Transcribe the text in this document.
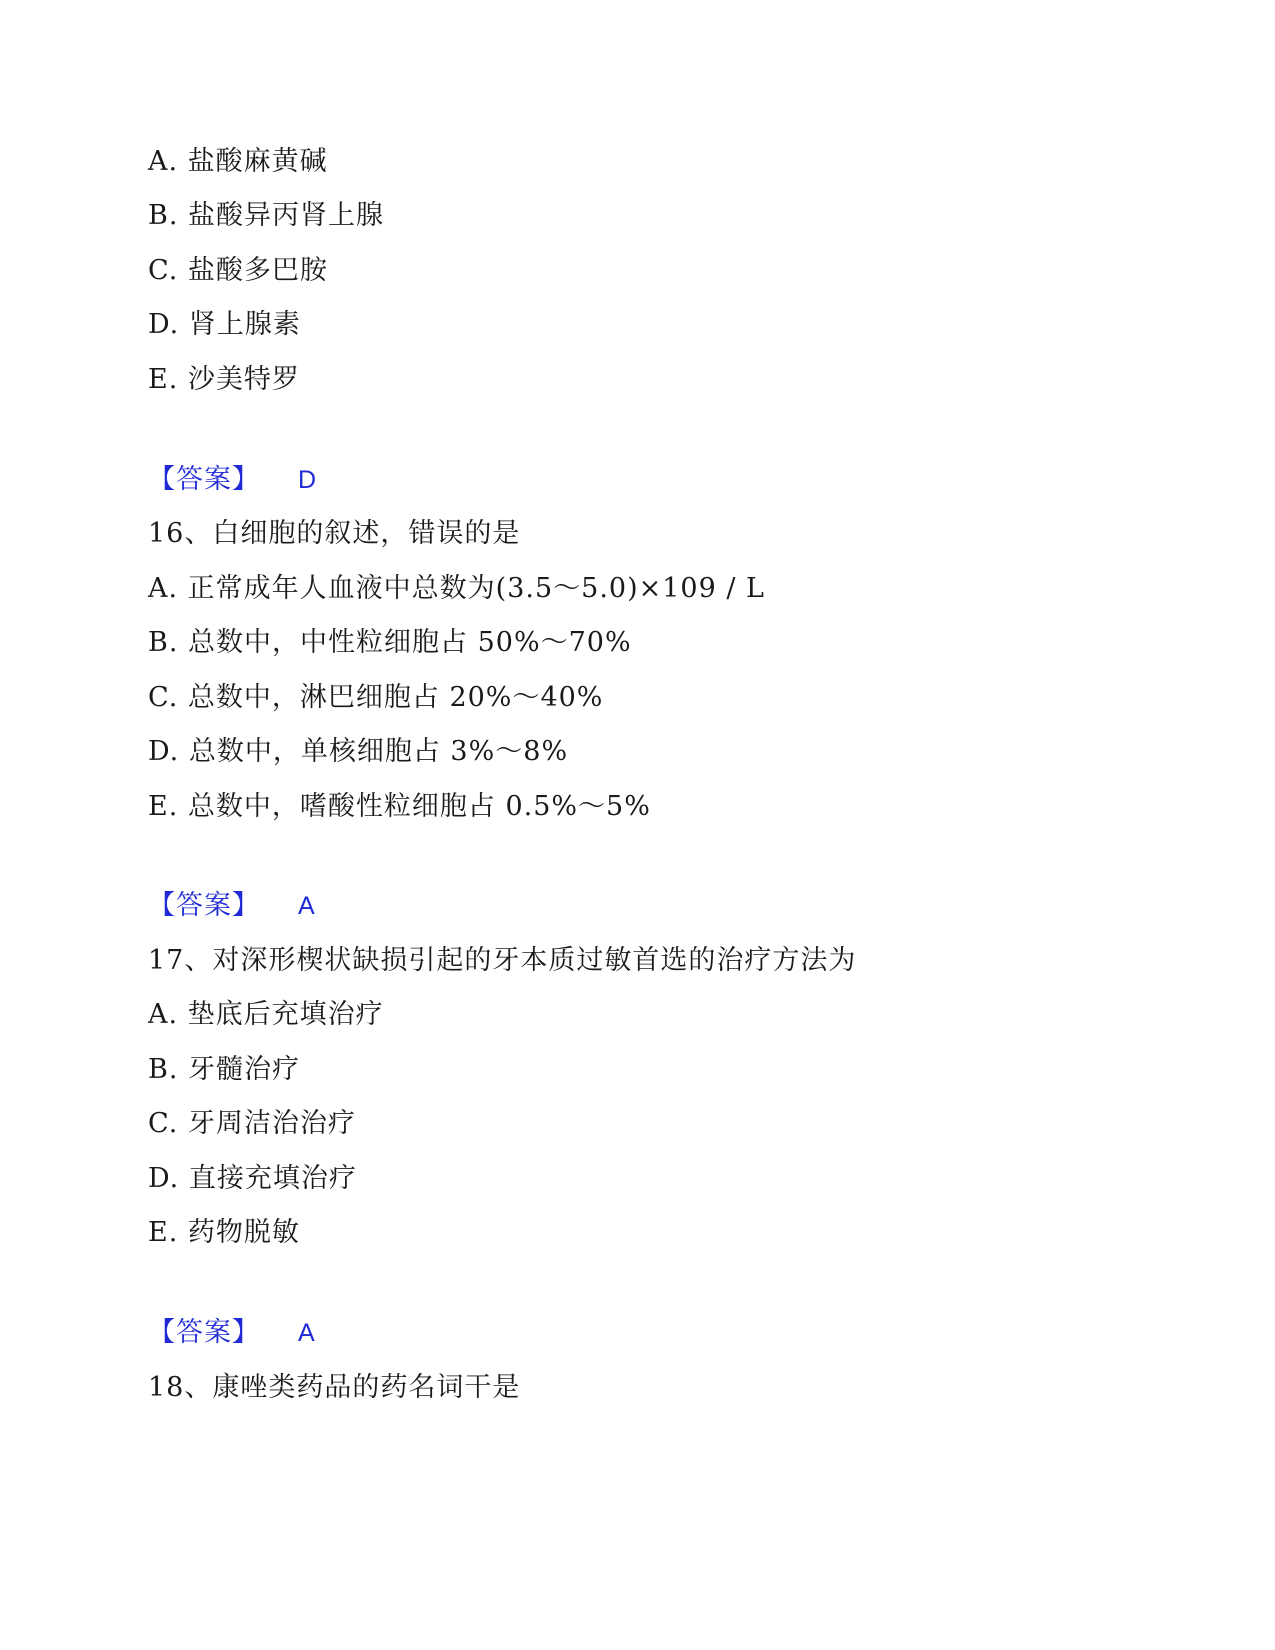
A. 盐酸麻黄碱
B. 盐酸异丙肾上腺
C. 盐酸多巴胺
D. 肾上腺素
E. 沙美特罗
【答案】 D
16、白细胞的叙述，错误的是
A. 正常成年人血液中总数为(3.5～5.0)×109 / L
B. 总数中，中性粒细胞占 50%～70%
C. 总数中，淋巴细胞占 20%～40%
D. 总数中，单核细胞占 3%～8%
E. 总数中，嗜酸性粒细胞占 0.5%～5%
【答案】 A
17、对深形楔状缺损引起的牙本质过敏首选的治疗方法为
A. 垫底后充填治疗
B. 牙髓治疗
C. 牙周洁治治疗
D. 直接充填治疗
E. 药物脱敏
【答案】 A
18、康唑类药品的药名词干是
